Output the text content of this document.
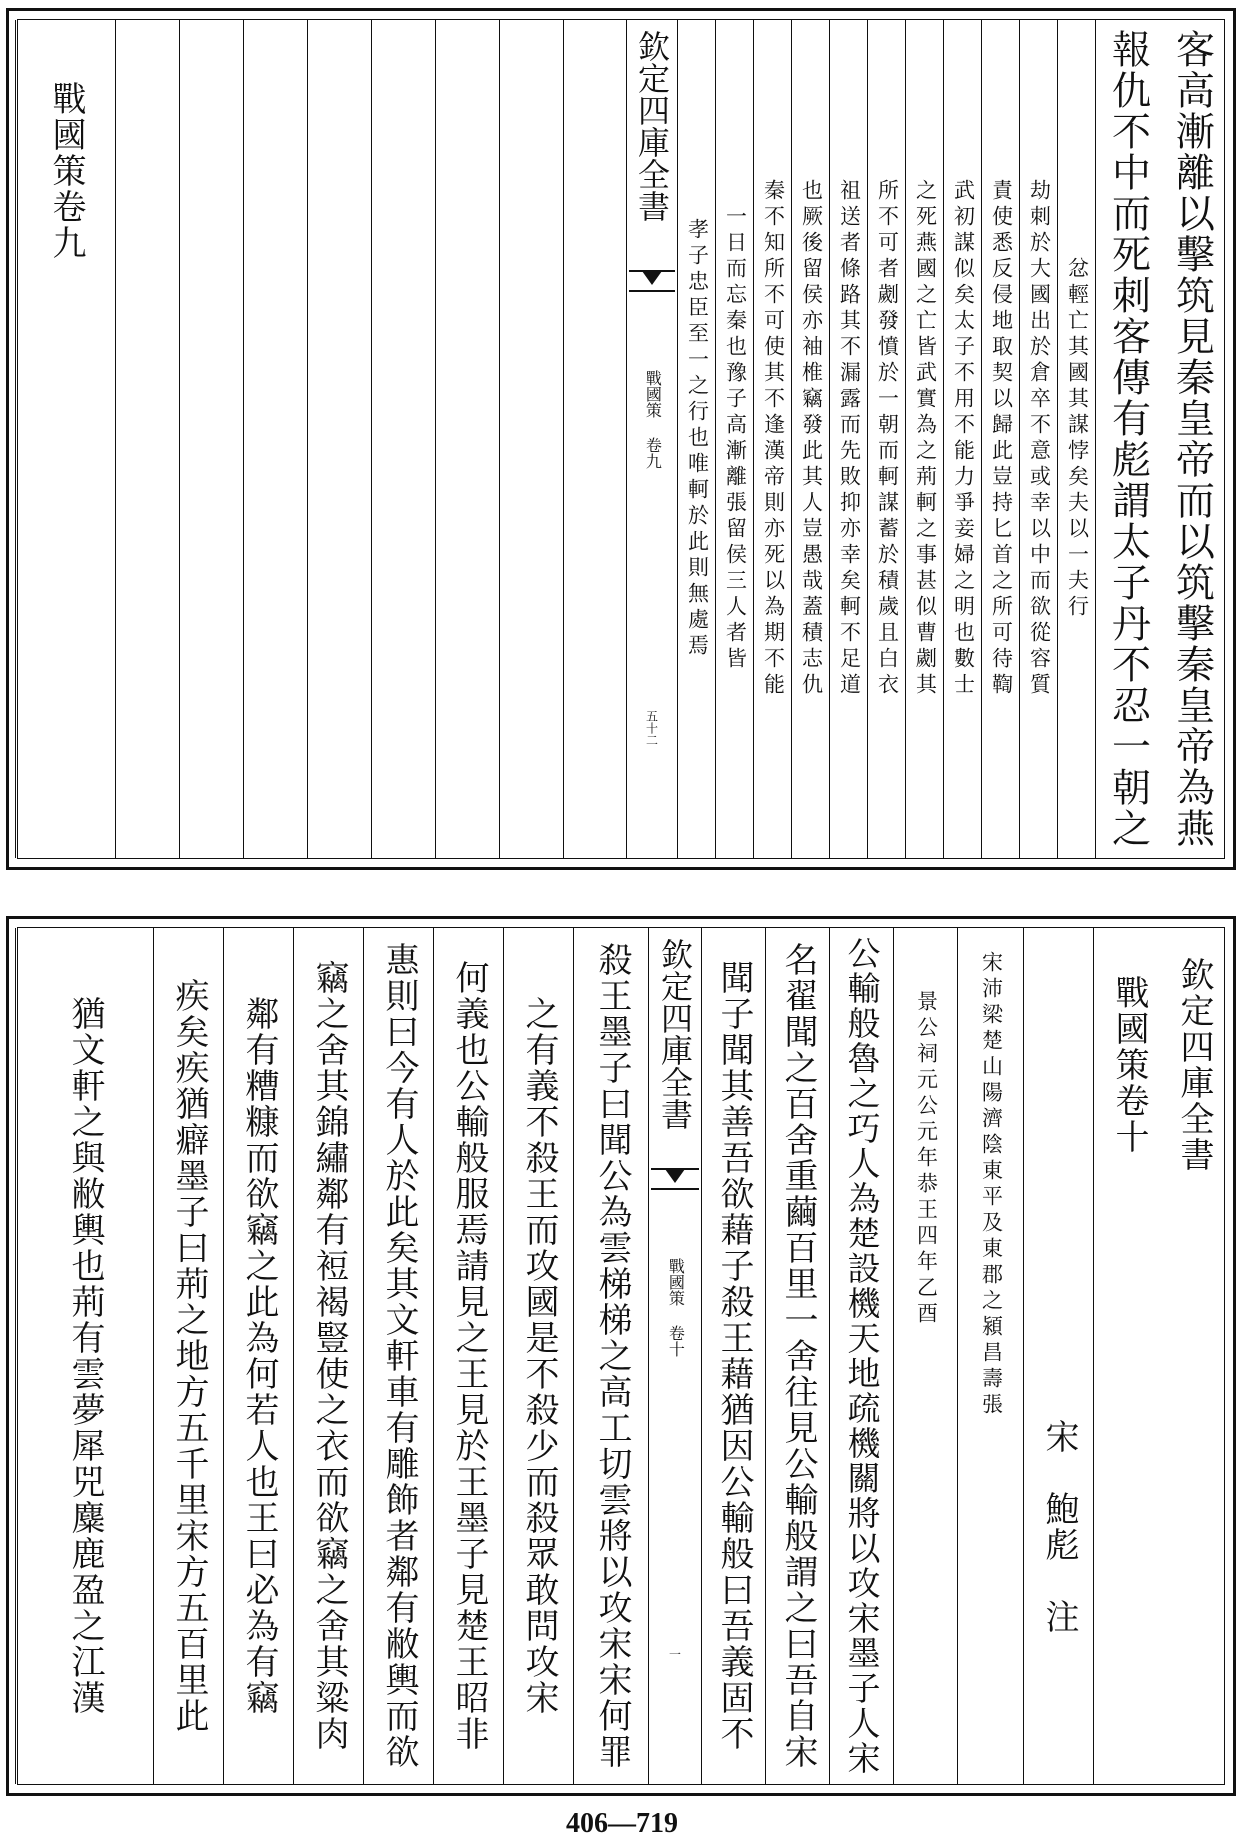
客高漸離以擊筑見秦皇帝而以筑擊秦皇帝為燕
報仇不中而死刺客傳有彪謂太子丹不忍一朝之
忿輕亡其國其謀悖矣夫以一夫行
劫刺於大國出於倉卒不意或幸以中而欲從容質
責使悉反侵地取契以歸此豈持匕首之所可待鞫
武初謀似矣太子不用不能力爭妾婦之明也數士
之死燕國之亡皆武實為之荊軻之事甚似曹劌其
所不可者劌發憤於一朝而軻謀蓄於積歲且白衣
祖送者條路其不漏露而先敗抑亦幸矣軻不足道
也厥後留侯亦袖椎竊發此其人豈愚哉蓋積志仇
秦不知所不可使其不逢漢帝則亦死以為期不能
一日而忘秦也豫子高漸離張留侯三人者皆
孝子忠臣至一之行也唯軻於此則無處焉
欽定四庫全書
戰國策 卷九
五十二
戰國策卷九
欽定四庫全書
戰國策卷十
宋　鮑彪　注
宋沛梁楚山陽濟陰東平及東郡之潁昌壽張
景公祠元公元年恭王四年乙酉
公輸般魯之巧人為楚設機天地疏機關將以攻宋墨子人宋
名翟聞之百舍重繭百里一舍往見公輸般謂之曰吾自宋
聞子聞其善吾欲藉子殺王藉猶因公輸般曰吾義固不
欽定四庫全書
戰國策 卷十
一
殺王墨子曰聞公為雲梯梯之高工切雲將以攻宋宋何罪
之有義不殺王而攻國是不殺少而殺眾敢問攻宋
何義也公輸般服焉請見之王見於王墨子見楚王昭非
惠則曰今有人於此矣其文軒車有雕飾者鄰有敝輿而欲
竊之舍其錦繡鄰有裋褐豎使之衣而欲竊之舍其粱肉
鄰有糟糠而欲竊之此為何若人也王曰必為有竊
疾矣疾猶癖墨子曰荊之地方五千里宋方五百里此
猶文軒之與敝輿也荊有雲夢犀兕麋鹿盈之江漢
406—719
